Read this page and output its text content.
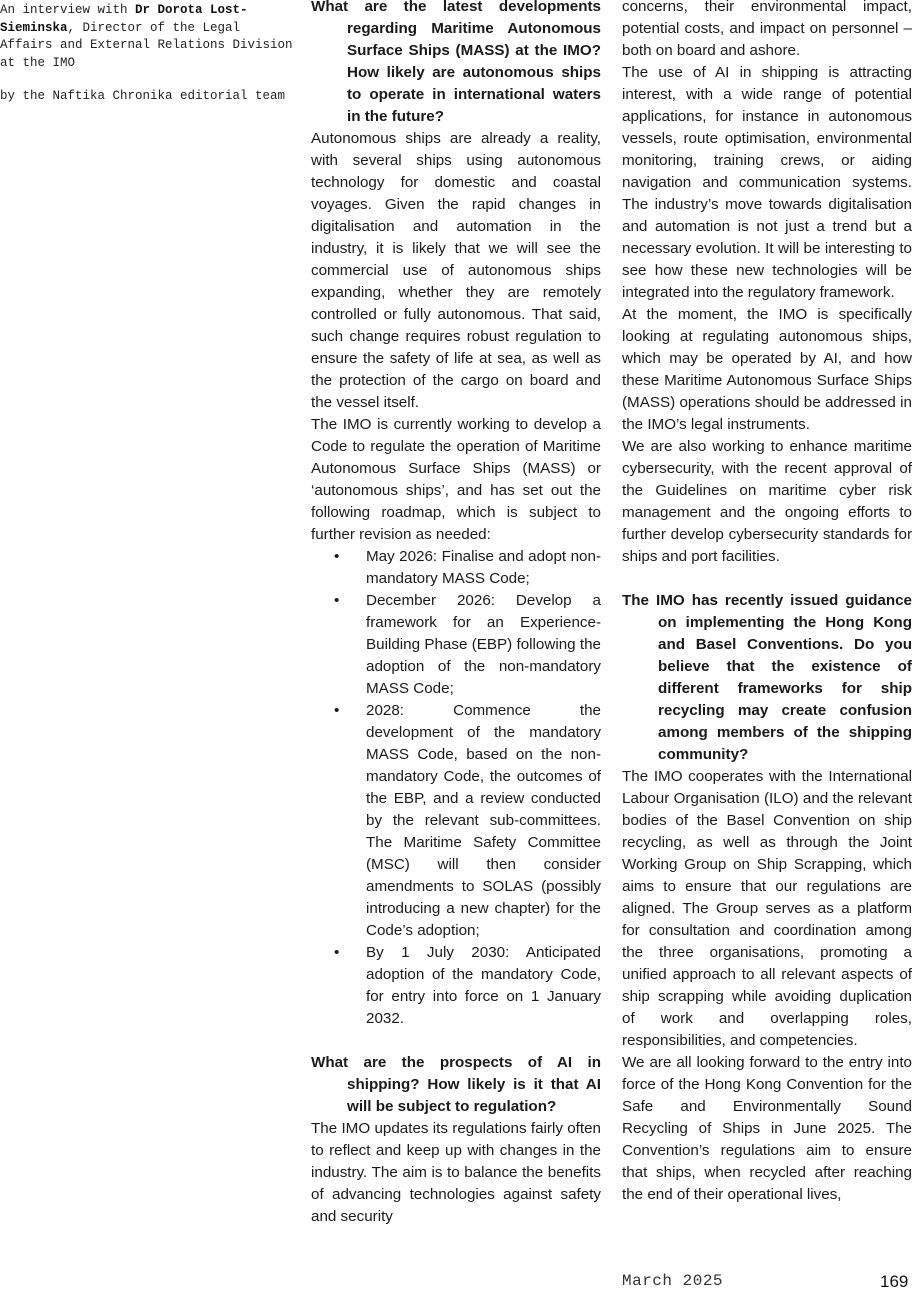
An interview with Dr Dorota Lost-Sieminska, Director of the Legal Affairs and External Relations Division at the IMO

by the Naftika Chronika editorial team

What are the latest developments regarding Maritime Autonomous Surface Ships (MASS) at the IMO? How likely are autonomous ships to operate in international waters in the future?

Autonomous ships are already a reality, with several ships using autonomous technology for domestic and coastal voyages. Given the rapid changes in digitalisation and automation in the industry, it is likely that we will see the commercial use of autonomous ships expanding, whether they are remotely controlled or fully autonomous. That said, such change requires robust regulation to ensure the safety of life at sea, as well as the protection of the cargo on board and the vessel itself.

The IMO is currently working to develop a Code to regulate the operation of Maritime Autonomous Surface Ships (MASS) or ‘autonomous ships’, and has set out the following roadmap, which is subject to further revision as needed:

• May 2026: Finalise and adopt non-mandatory MASS Code;
• December 2026: Develop a framework for an Experience-Building Phase (EBP) following the adoption of the non-mandatory MASS Code;
• 2028: Commence the development of the mandatory MASS Code, based on the non-mandatory Code, the outcomes of the EBP, and a review conducted by the relevant sub-committees. The Maritime Safety Committee (MSC) will then consider amendments to SOLAS (possibly introducing a new chapter) for the Code’s adoption;
• By 1 July 2030: Anticipated adoption of the mandatory Code, for entry into force on 1 January 2032.

What are the prospects of AI in shipping? How likely is it that AI will be subject to regulation?

The IMO updates its regulations fairly often to reflect and keep up with changes in the industry. The aim is to balance the benefits of advancing technologies against safety and security

concerns, their environmental impact, potential costs, and impact on personnel – both on board and ashore.

The use of AI in shipping is attracting interest, with a wide range of potential applications, for instance in autonomous vessels, route optimisation, environmental monitoring, training crews, or aiding navigation and communication systems. The industry’s move towards digitalisation and automation is not just a trend but a necessary evolution. It will be interesting to see how these new technologies will be integrated into the regulatory framework.

At the moment, the IMO is specifically looking at regulating autonomous ships, which may be operated by AI, and how these Maritime Autonomous Surface Ships (MASS) operations should be addressed in the IMO’s legal instruments.

We are also working to enhance maritime cybersecurity, with the recent approval of the Guidelines on maritime cyber risk management and the ongoing efforts to further develop cybersecurity standards for ships and port facilities.

The IMO has recently issued guidance on implementing the Hong Kong and Basel Conventions. Do you believe that the existence of different frameworks for ship recycling may create confusion among members of the shipping community?

The IMO cooperates with the International Labour Organisation (ILO) and the relevant bodies of the Basel Convention on ship recycling, as well as through the Joint Working Group on Ship Scrapping, which aims to ensure that our regulations are aligned. The Group serves as a platform for consultation and coordination among the three organisations, promoting a unified approach to all relevant aspects of ship scrapping while avoiding duplication of work and overlapping roles, responsibilities, and competencies.

We are all looking forward to the entry into force of the Hong Kong Convention for the Safe and Environmentally Sound Recycling of Ships in June 2025. The Convention’s regulations aim to ensure that ships, when recycled after reaching the end of their operational lives,

March 2025	169
